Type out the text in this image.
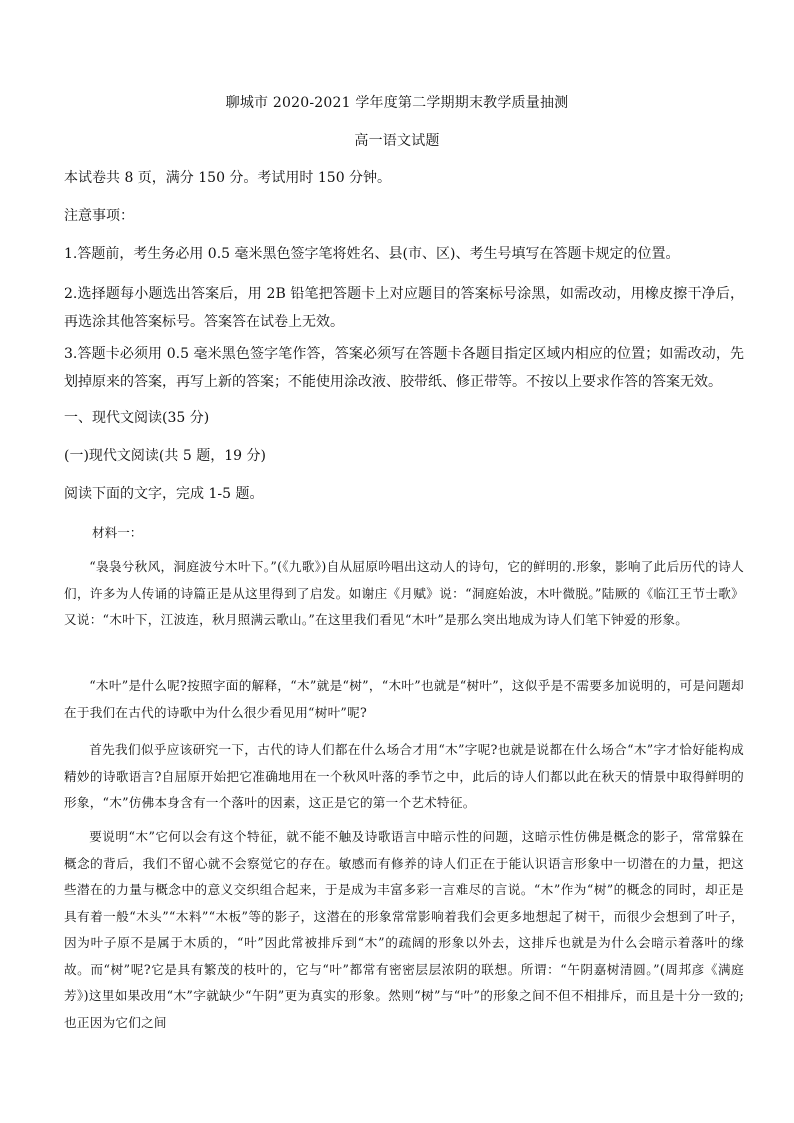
聊城市 2020-2021 学年度第二学期期末教学质量抽测
高一语文试题
本试卷共 8 页，满分 150 分。考试用时 150 分钟。
注意事项：
1.答题前，考生务必用 0.5 毫米黑色签字笔将姓名、县(市、区)、考生号填写在答题卡规定的位置。
2.选择题每小题选出答案后，用 2B 铅笔把答题卡上对应题目的答案标号涂黑，如需改动，用橡皮擦干净后，再选涂其他答案标号。答案答在试卷上无效。
3.答题卡必须用 0.5 毫米黑色签字笔作答，答案必须写在答题卡各题目指定区域内相应的位置；如需改动，先划掉原来的答案，再写上新的答案；不能使用涂改液、胶带纸、修正带等。不按以上要求作答的答案无效。
一、现代文阅读(35 分)
(一)现代文阅读(共 5 题，19 分)
阅读下面的文字，完成 1-5 题。
材料一：
“袅袅兮秋风，洞庭波兮木叶下。”(《九歌》)自从屈原吟唱出这动人的诗句，它的鲜明的.形象，影响了此后历代的诗人们，许多为人传诵的诗篇正是从这里得到了启发。如谢庄《月赋》说：“洞庭始波，木叶微脱。”陆厥的《临江王节士歌》又说：“木叶下，江波连，秋月照满云歌山。”在这里我们看见“木叶”是那么突出地成为诗人们笔下钟爱的形象。
“木叶”是什么呢?按照字面的解释，“木”就是“树”，“木叶”也就是“树叶”，这似乎是不需要多加说明的，可是问题却在于我们在古代的诗歌中为什么很少看见用“树叶”呢?
首先我们似乎应该研究一下，古代的诗人们都在什么场合才用“木”字呢?也就是说都在什么场合“木”字才恰好能构成精妙的诗歌语言?自屈原开始把它准确地用在一个秋风叶落的季节之中，此后的诗人们都以此在秋天的情景中取得鲜明的形象，“木”仿佛本身含有一个落叶的因素，这正是它的第一个艺术特征。
要说明“木”它何以会有这个特征，就不能不触及诗歌语言中暗示性的问题，这暗示性仿佛是概念的影子，常常躲在概念的背后，我们不留心就不会察觉它的存在。敏感而有修养的诗人们正在于能认识语言形象中一切潜在的力量，把这些潜在的力量与概念中的意义交织组合起来，于是成为丰富多彩一言难尽的言说。“木”作为“树”的概念的同时，却正是具有着一般“木头”“木料”“木板”等的影子，这潜在的形象常常影响着我们会更多地想起了树干，而很少会想到了叶子，因为叶子原不是属于木质的，“叶”因此常被排斥到“木”的疏阔的形象以外去，这排斥也就是为什么会暗示着落叶的缘故。而“树”呢?它是具有繁茂的枝叶的，它与“叶”都常有密密层层浓阴的联想。所谓：“午阴嘉树清圆。”(周邦彦《满庭芳》)这里如果改用“木”字就缺少“午阴”更为真实的形象。然则“树”与“叶”的形象之间不但不相排斥，而且是十分一致的;也正因为它们之间
